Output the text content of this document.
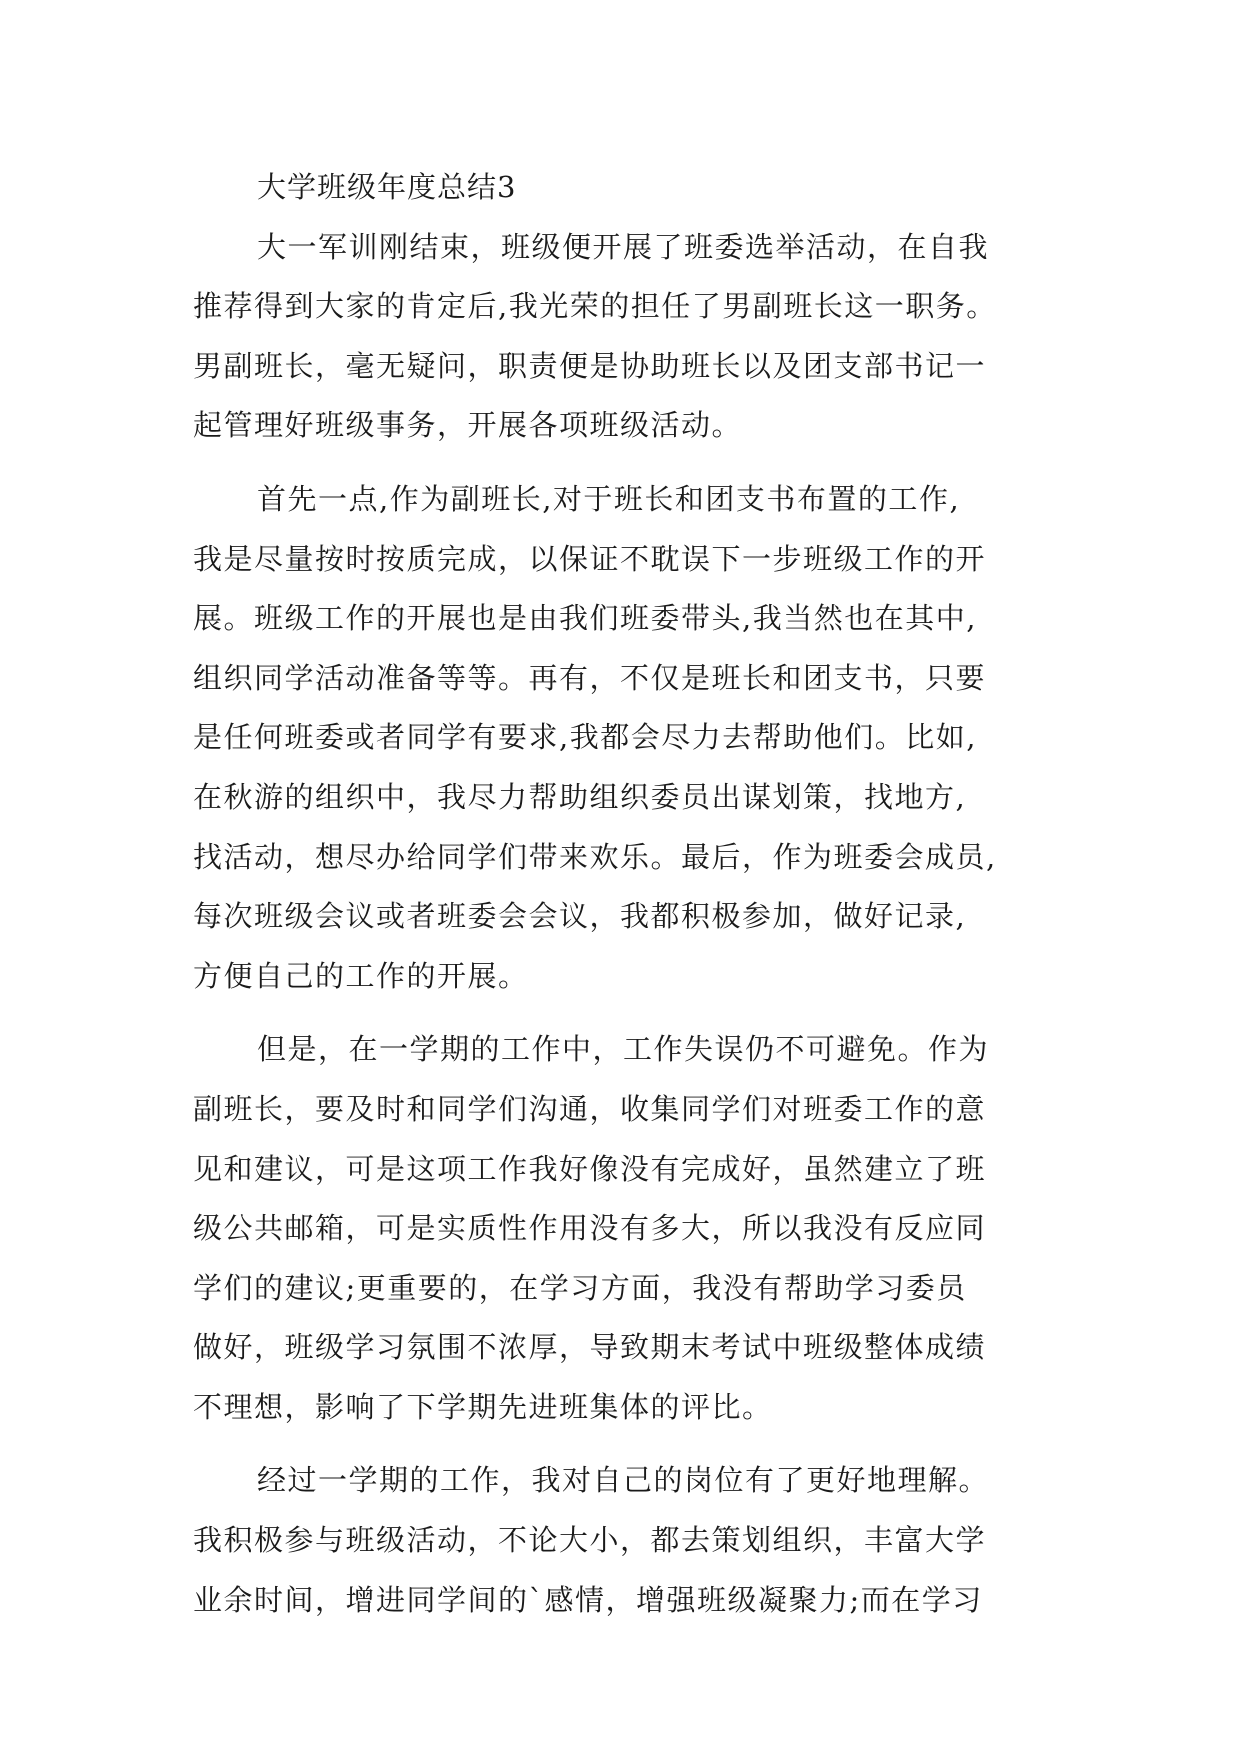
大学班级年度总结3
大一军训刚结束，班级便开展了班委选举活动，在自我
推荐得到大家的肯定后,我光荣的担任了男副班长这一职务。
男副班长，毫无疑问，职责便是协助班长以及团支部书记一
起管理好班级事务，开展各项班级活动。
首先一点,作为副班长,对于班长和团支书布置的工作,
我是尽量按时按质完成，以保证不耽误下一步班级工作的开
展。班级工作的开展也是由我们班委带头,我当然也在其中,
组织同学活动准备等等。再有，不仅是班长和团支书，只要
是任何班委或者同学有要求,我都会尽力去帮助他们。比如,
在秋游的组织中，我尽力帮助组织委员出谋划策，找地方,
找活动，想尽办给同学们带来欢乐。最后，作为班委会成员,
每次班级会议或者班委会会议，我都积极参加，做好记录,
方便自己的工作的开展。
但是，在一学期的工作中，工作失误仍不可避免。作为
副班长，要及时和同学们沟通，收集同学们对班委工作的意
见和建议，可是这项工作我好像没有完成好，虽然建立了班
级公共邮箱，可是实质性作用没有多大，所以我没有反应同
学们的建议;更重要的，在学习方面，我没有帮助学习委员
做好，班级学习氛围不浓厚，导致期末考试中班级整体成绩
不理想，影响了下学期先进班集体的评比。
经过一学期的工作，我对自己的岗位有了更好地理解。
我积极参与班级活动，不论大小，都去策划组织，丰富大学
业余时间，增进同学间的`感情，增强班级凝聚力;而在学习
